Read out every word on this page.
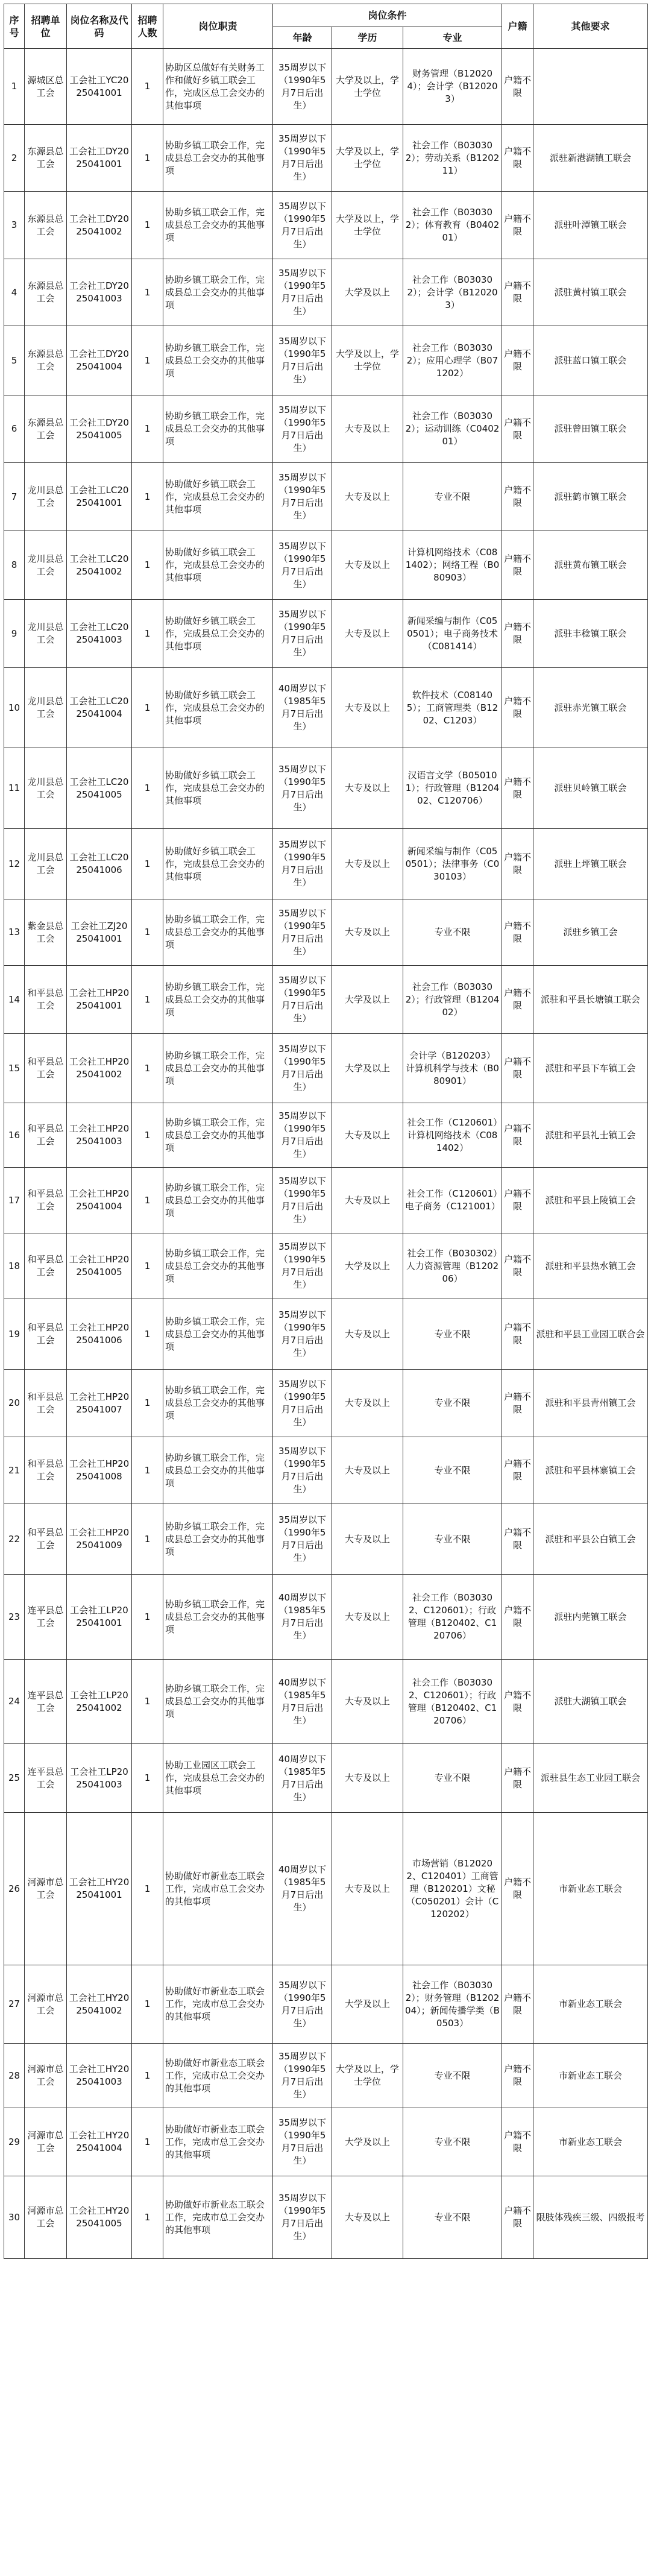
序号	招聘单位	岗位名称及代码	招聘人数	岗位职责	岗位条件			户籍	其他要求
					年龄	学历	专业		
1	源城区总工会	工会社工YC2025041001	1	协助区总做好有关财务工作和做好乡镇工联会工作，完成区总工会交办的其他事项	35周岁以下（1990年5月7日后出生）	大学及以上，学士学位	财务管理（B120204）；会计学（B120203）	户籍不限	
2	东源县总工会	工会社工DY2025041001	1	协助乡镇工联会工作，完成县总工会交办的其他事项	35周岁以下（1990年5月7日后出生）	大学及以上，学士学位	社会工作（B030302）；劳动关系（B120211）	户籍不限	派驻新港湖镇工联会
3	东源县总工会	工会社工DY2025041002	1	协助乡镇工联会工作，完成县总工会交办的其他事项	35周岁以下（1990年5月7日后出生）	大学及以上，学士学位	社会工作（B030302）；体育教育（B040201）	户籍不限	派驻叶潭镇工联会
4	东源县总工会	工会社工DY2025041003	1	协助乡镇工联会工作，完成县总工会交办的其他事项	35周岁以下（1990年5月7日后出生）	大学及以上	社会工作（B030302）；会计学（B120203）	户籍不限	派驻黄村镇工联会
5	东源县总工会	工会社工DY2025041004	1	协助乡镇工联会工作，完成县总工会交办的其他事项	35周岁以下（1990年5月7日后出生）	大学及以上，学士学位	社会工作（B030302）；应用心理学（B071202）	户籍不限	派驻蓝口镇工联会
6	东源县总工会	工会社工DY2025041005	1	协助乡镇工联会工作，完成县总工会交办的其他事项	35周岁以下（1990年5月7日后出生）	大专及以上	社会工作（B030302）；运动训练（C040201）	户籍不限	派驻曾田镇工联会
7	龙川县总工会	工会社工LC2025041001	1	协助做好乡镇工联会工作，完成县总工会交办的其他事项	35周岁以下（1990年5月7日后出生）	大专及以上	专业不限	户籍不限	派驻鹤市镇工联会
8	龙川县总工会	工会社工LC2025041002	1	协助做好乡镇工联会工作，完成县总工会交办的其他事项	35周岁以下（1990年5月7日后出生）	大专及以上	计算机网络技术（C081402）；网络工程（B080903）	户籍不限	派驻黄布镇工联会
9	龙川县总工会	工会社工LC2025041003	1	协助做好乡镇工联会工作，完成县总工会交办的其他事项	35周岁以下（1990年5月7日后出生）	大专及以上	新闻采编与制作（C050501）；电子商务技术（C081414）	户籍不限	派驻丰稔镇工联会
10	龙川县总工会	工会社工LC2025041004	1	协助做好乡镇工联会工作，完成县总工会交办的其他事项	40周岁以下（1985年5月7日后出生）	大专及以上	软件技术（C081405）；工商管理类（B1202、C1203）	户籍不限	派驻赤光镇工联会
11	龙川县总工会	工会社工LC2025041005	1	协助做好乡镇工联会工作，完成县总工会交办的其他事项	35周岁以下（1990年5月7日后出生）	大专及以上	汉语言文学（B050101）；行政管理（B120402、C120706）	户籍不限	派驻贝岭镇工联会
12	龙川县总工会	工会社工LC2025041006	1	协助做好乡镇工联会工作，完成县总工会交办的其他事项	35周岁以下（1990年5月7日后出生）	大专及以上	新闻采编与制作（C050501）；法律事务（C030103）	户籍不限	派驻上坪镇工联会
13	紫金县总工会	工会社工ZJ2025041001	1	协助乡镇工联会工作，完成县总工会交办的其他事项	35周岁以下（1990年5月7日后出生）	大专及以上	专业不限	户籍不限	派驻乡镇工会
14	和平县总工会	工会社工HP2025041001	1	协助乡镇工联会工作，完成县总工会交办的其他事项	35周岁以下（1990年5月7日后出生）	大学及以上	社会工作（B030302）；行政管理（B120402）	户籍不限	派驻和平县长塘镇工联会
15	和平县总工会	工会社工HP2025041002	1	协助乡镇工联会工作，完成县总工会交办的其他事项	35周岁以下（1990年5月7日后出生）	大学及以上	会计学（B120203）计算机科学与技术（B080901）	户籍不限	派驻和平县下车镇工会
16	和平县总工会	工会社工HP2025041003	1	协助乡镇工联会工作，完成县总工会交办的其他事项	35周岁以下（1990年5月7日后出生）	大专及以上	社会工作（C120601）计算机网络技术（C081402）	户籍不限	派驻和平县礼士镇工会
17	和平县总工会	工会社工HP2025041004	1	协助乡镇工联会工作，完成县总工会交办的其他事项	35周岁以下（1990年5月7日后出生）	大专及以上	社会工作（C120601）电子商务（C121001）	户籍不限	派驻和平县上陵镇工会
18	和平县总工会	工会社工HP2025041005	1	协助乡镇工联会工作，完成县总工会交办的其他事项	35周岁以下（1990年5月7日后出生）	大学及以上	社会工作（B030302）人力资源管理（B120206）	户籍不限	派驻和平县热水镇工会
19	和平县总工会	工会社工HP2025041006	1	协助乡镇工联会工作，完成县总工会交办的其他事项	35周岁以下（1990年5月7日后出生）	大专及以上	专业不限	户籍不限	派驻和平县工业园工联合会
20	和平县总工会	工会社工HP2025041007	1	协助乡镇工联会工作，完成县总工会交办的其他事项	35周岁以下（1990年5月7日后出生）	大专及以上	专业不限	户籍不限	派驻和平县青州镇工会
21	和平县总工会	工会社工HP2025041008	1	协助乡镇工联会工作，完成县总工会交办的其他事项	35周岁以下（1990年5月7日后出生）	大专及以上	专业不限	户籍不限	派驻和平县林寨镇工会
22	和平县总工会	工会社工HP2025041009	1	协助乡镇工联会工作，完成县总工会交办的其他事项	35周岁以下（1990年5月7日后出生）	大专及以上	专业不限	户籍不限	派驻和平县公白镇工会
23	连平县总工会	工会社工LP2025041001	1	协助乡镇工联会工作，完成县总工会交办的其他事项	40周岁以下（1985年5月7日后出生）	大专及以上	社会工作（B030302、C120601）；行政管理（B120402、C120706）	户籍不限	派驻内莞镇工联会
24	连平县总工会	工会社工LP2025041002	1	协助乡镇工联会工作，完成县总工会交办的其他事项	40周岁以下（1985年5月7日后出生）	大专及以上	社会工作（B030302、C120601）；行政管理（B120402、C120706）	户籍不限	派驻大湖镇工联会
25	连平县总工会	工会社工LP2025041003	1	协助工业园区工联会工作，完成县总工会交办的其他事项	40周岁以下（1985年5月7日后出生）	大专及以上	专业不限	户籍不限	派驻县生态工业园工联会
26	河源市总工会	工会社工HY2025041001	1	协助做好市新业态工联会工作，完成市总工会交办的其他事项	40周岁以下（1985年5月7日后出生）	大专及以上	市场营销（B120202、C120401）工商管理（B120201）文秘（C050201）会计（C120202）	户籍不限	市新业态工联会
27	河源市总工会	工会社工HY2025041002	1	协助做好市新业态工联会工作，完成市总工会交办的其他事项	35周岁以下（1990年5月7日后出生）	大学及以上	社会工作（B030302）；财务管理（B120204）；新闻传播学类（B0503）	户籍不限	市新业态工联会
28	河源市总工会	工会社工HY2025041003	1	协助做好市新业态工联会工作，完成市总工会交办的其他事项	35周岁以下（1990年5月7日后出生）	大学及以上，学士学位	专业不限	户籍不限	市新业态工联会
29	河源市总工会	工会社工HY2025041004	1	协助做好市新业态工联会工作，完成市总工会交办的其他事项	35周岁以下（1990年5月7日后出生）	大学及以上	专业不限	户籍不限	市新业态工联会
30	河源市总工会	工会社工HY2025041005	1	协助做好市新业态工联会工作，完成市总工会交办的其他事项	35周岁以下（1990年5月7日后出生）	大专及以上	专业不限	户籍不限	限肢体残疾三级、四级报考
